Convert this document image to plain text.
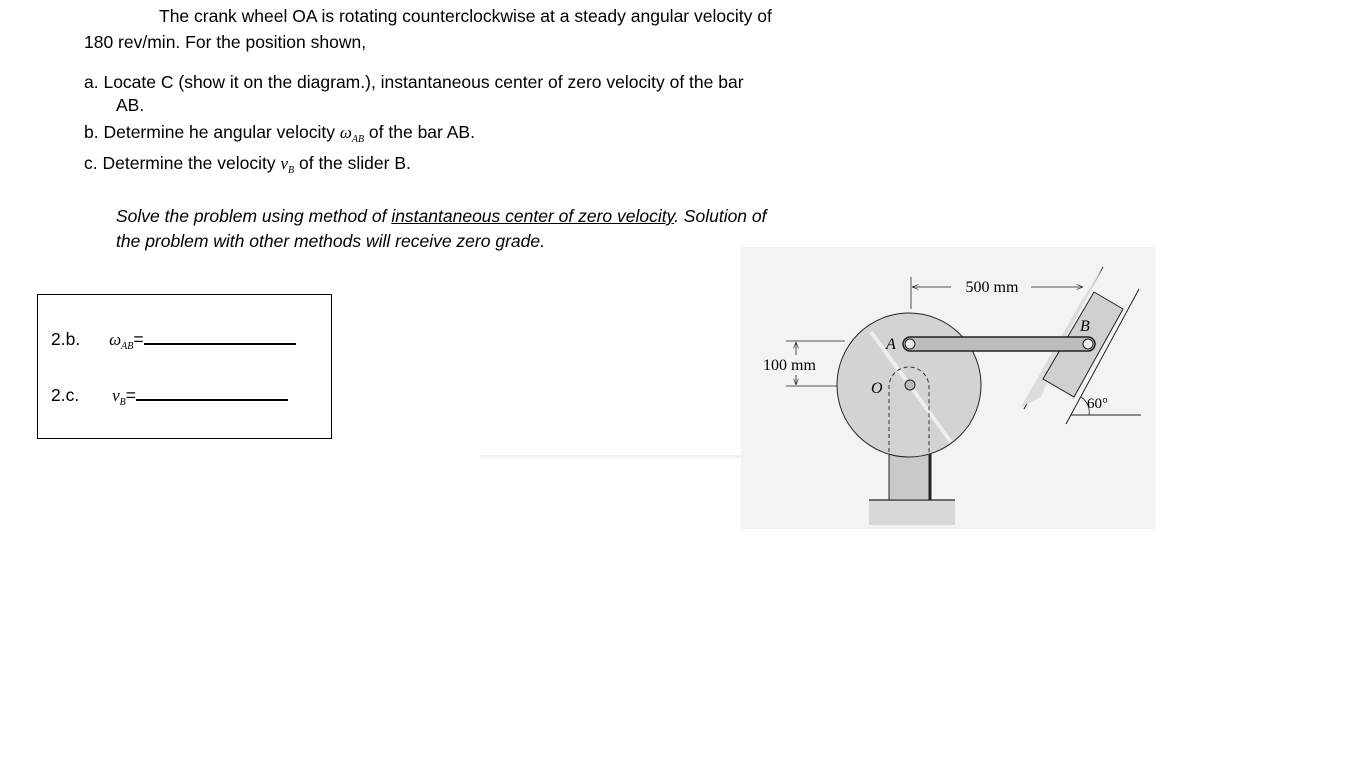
The crank wheel OA is rotating counterclockwise at a steady angular velocity of
180 rev/min. For the position shown,
a. Locate C (show it on the diagram.), instantaneous center of zero velocity of the bar
AB.
b. Determine he angular velocity $\omega_{AB}$ of the bar AB.
c. Determine the velocity $v_B$ of the slider B.
Solve the problem using method of instantaneous center of zero velocity. Solution of
the problem with other methods will receive zero grade.
2.b. $\omega_{AB}=$
2.c. $v_B=$
500 mm
100 mm
A
B
O
60°
